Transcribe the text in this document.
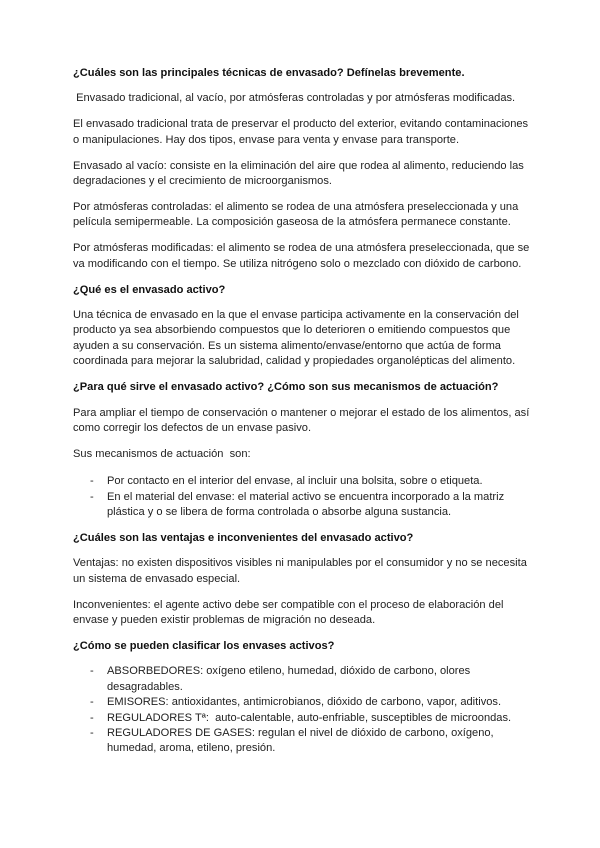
¿Cuáles son las principales técnicas de envasado? Defínelas brevemente.
Envasado tradicional, al vacío, por atmósferas controladas y por atmósferas modificadas.
El envasado tradicional trata de preservar el producto del exterior, evitando contaminaciones o manipulaciones. Hay dos tipos, envase para venta y envase para transporte.
Envasado al vacío: consiste en la eliminación del aire que rodea al alimento, reduciendo las degradaciones y el crecimiento de microorganismos.
Por atmósferas controladas: el alimento se rodea de una atmósfera preseleccionada y una película semipermeable. La composición gaseosa de la atmósfera permanece constante.
Por atmósferas modificadas: el alimento se rodea de una atmósfera preseleccionada, que se va modificando con el tiempo. Se utiliza nitrógeno solo o mezclado con dióxido de carbono.
¿Qué es el envasado activo?
Una técnica de envasado en la que el envase participa activamente en la conservación del producto ya sea absorbiendo compuestos que lo deterioren o emitiendo compuestos que ayuden a su conservación. Es un sistema alimento/envase/entorno que actúa de forma coordinada para mejorar la salubridad, calidad y propiedades organolépticas del alimento.
¿Para qué sirve el envasado activo? ¿Cómo son sus mecanismos de actuación?
Para ampliar el tiempo de conservación o mantener o mejorar el estado de los alimentos, así como corregir los defectos de un envase pasivo.
Sus mecanismos de actuación  son:
- Por contacto en el interior del envase, al incluir una bolsita, sobre o etiqueta.
- En el material del envase: el material activo se encuentra incorporado a la matriz plástica y o se libera de forma controlada o absorbe alguna sustancia.
¿Cuáles son las ventajas e inconvenientes del envasado activo?
Ventajas: no existen dispositivos visibles ni manipulables por el consumidor y no se necesita un sistema de envasado especial.
Inconvenientes: el agente activo debe ser compatible con el proceso de elaboración del envase y pueden existir problemas de migración no deseada.
¿Cómo se pueden clasificar los envases activos?
- ABSORBEDORES: oxígeno etileno, humedad, dióxido de carbono, olores desagradables.
- EMISORES: antioxidantes, antimicrobianos, dióxido de carbono, vapor, aditivos.
- REGULADORES Tª:  auto-calentable, auto-enfriable, susceptibles de microondas.
- REGULADORES DE GASES: regulan el nivel de dióxido de carbono, oxígeno, humedad, aroma, etileno, presión.
